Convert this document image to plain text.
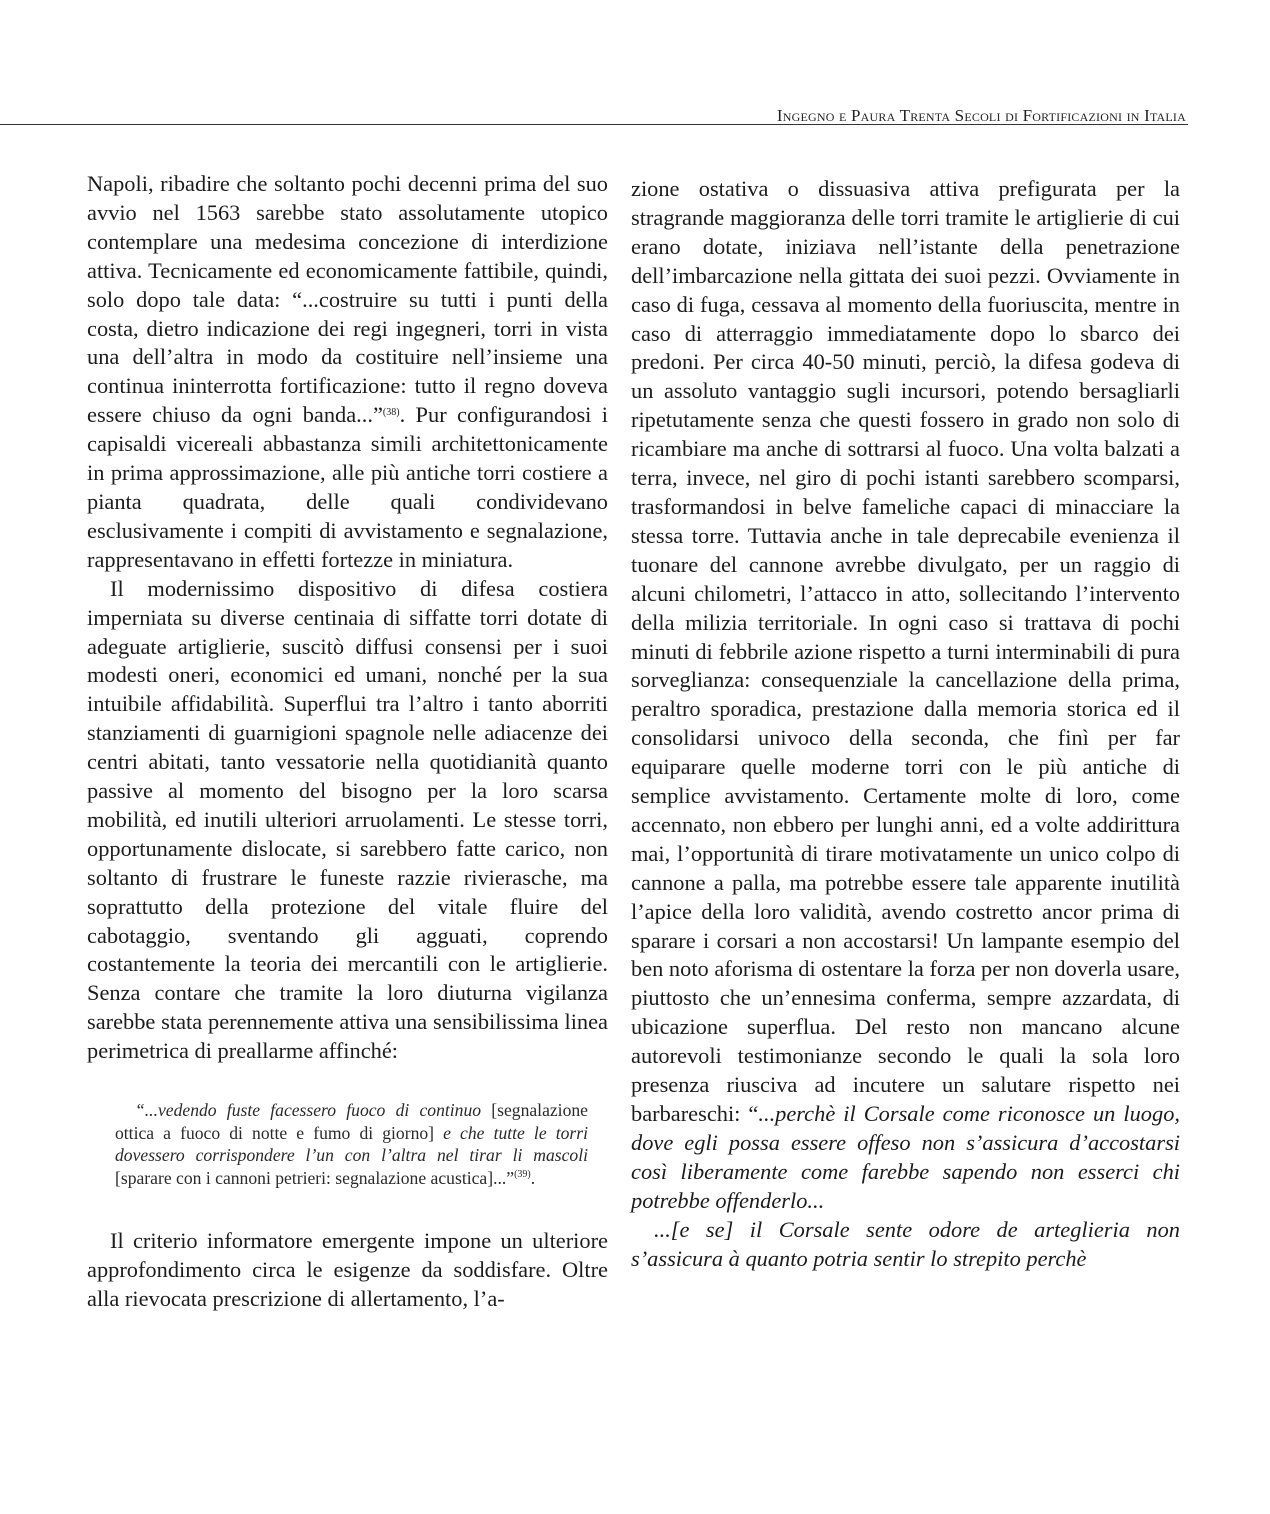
Ingegno e Paura Trenta Secoli di Fortificazioni in Italia

Napoli, ribadire che soltanto pochi decenni prima del suo avvio nel 1563 sarebbe stato assolutamente utopico contemplare una medesima concezione di interdizione attiva. Tecnicamente ed economicamente fattibile, quindi, solo dopo tale data: “...costruire su tutti i punti della costa, dietro indicazione dei regi ingegneri, torri in vista una dell’altra in modo da costituire nell’insieme una continua ininterrotta fortificazione: tutto il regno doveva essere chiuso da ogni banda...”$^{(38)}$. Pur configurandosi i capisaldi vicereali abbastanza simili architettonicamente in prima approssimazione, alle più antiche torri costiere a pianta quadrata, delle quali condividevano esclusivamente i compiti di avvistamento e segnalazione, rappresentavano in effetti fortezze in miniatura.

Il modernissimo dispositivo di difesa costiera imperniata su diverse centinaia di siffatte torri dotate di adeguate artiglierie, suscitò diffusi consensi per i suoi modesti oneri, economici ed umani, nonché per la sua intuibile affidabilità. Superflui tra l’altro i tanto aborriti stanziamenti di guarnigioni spagnole nelle adiacenze dei centri abitati, tanto vessatorie nella quotidianità quanto passive al momento del bisogno per la loro scarsa mobilità, ed inutili ulteriori arruolamenti. Le stesse torri, opportunamente dislocate, si sarebbero fatte carico, non soltanto di frustrare le funeste razzie rivierasche, ma soprattutto della protezione del vitale fluire del cabotaggio, sventando gli agguati, coprendo costantemente la teoria dei mercantili con le artiglierie. Senza contare che tramite la loro diuturna vigilanza sarebbe stata perennemente attiva una sensibilissima linea perimetrica di preallarme affinché:

“...vedendo fuste facessero fuoco di continuo [segnalazione ottica a fuoco di notte e fumo di giorno] e che tutte le torri dovessero corrispondere l’un con l’altra nel tirar li mascoli [sparare con i cannoni petrieri: segnalazione acustica]...”$^{(39)}$.

Il criterio informatore emergente impone un ulteriore approfondimento circa le esigenze da soddisfare. Oltre alla rievocata prescrizione di allertamento, l’a-

zione ostativa o dissuasiva attiva prefigurata per la stragrande maggioranza delle torri tramite le artiglierie di cui erano dotate, iniziava nell’istante della penetrazione dell’imbarcazione nella gittata dei suoi pezzi. Ovviamente in caso di fuga, cessava al momento della fuoriuscita, mentre in caso di atterraggio immediatamente dopo lo sbarco dei predoni. Per circa 40-50 minuti, perciò, la difesa godeva di un assoluto vantaggio sugli incursori, potendo bersagliarli ripetutamente senza che questi fossero in grado non solo di ricambiare ma anche di sottrarsi al fuoco. Una volta balzati a terra, invece, nel giro di pochi istanti sarebbero scomparsi, trasformandosi in belve fameliche capaci di minacciare la stessa torre. Tuttavia anche in tale deprecabile evenienza il tuonare del cannone avrebbe divulgato, per un raggio di alcuni chilometri, l’attacco in atto, sollecitando l’intervento della milizia territoriale. In ogni caso si trattava di pochi minuti di febbrile azione rispetto a turni interminabili di pura sorveglianza: consequenziale la cancellazione della prima, peraltro sporadica, prestazione dalla memoria storica ed il consolidarsi univoco della seconda, che finì per far equiparare quelle moderne torri con le più antiche di semplice avvistamento. Certamente molte di loro, come accennato, non ebbero per lunghi anni, ed a volte addirittura mai, l’opportunità di tirare motivatamente un unico colpo di cannone a palla, ma potrebbe essere tale apparente inutilità l’apice della loro validità, avendo costretto ancor prima di sparare i corsari a non accostarsi! Un lampante esempio del ben noto aforisma di ostentare la forza per non doverla usare, piuttosto che un’ennesima conferma, sempre azzardata, di ubicazione superflua. Del resto non mancano alcune autorevoli testimonianze secondo le quali la sola loro presenza riusciva ad incutere un salutare rispetto nei barbareschi: “...perchè il Corsale come riconosce un luogo, dove egli possa essere offeso non s’assicura d’accostarsi così liberamente come farebbe sapendo non esserci chi potrebbe offenderlo...

...[e se] il Corsale sente odore de arteglieria non s’assicura à quanto potria sentir lo strepito perchè
